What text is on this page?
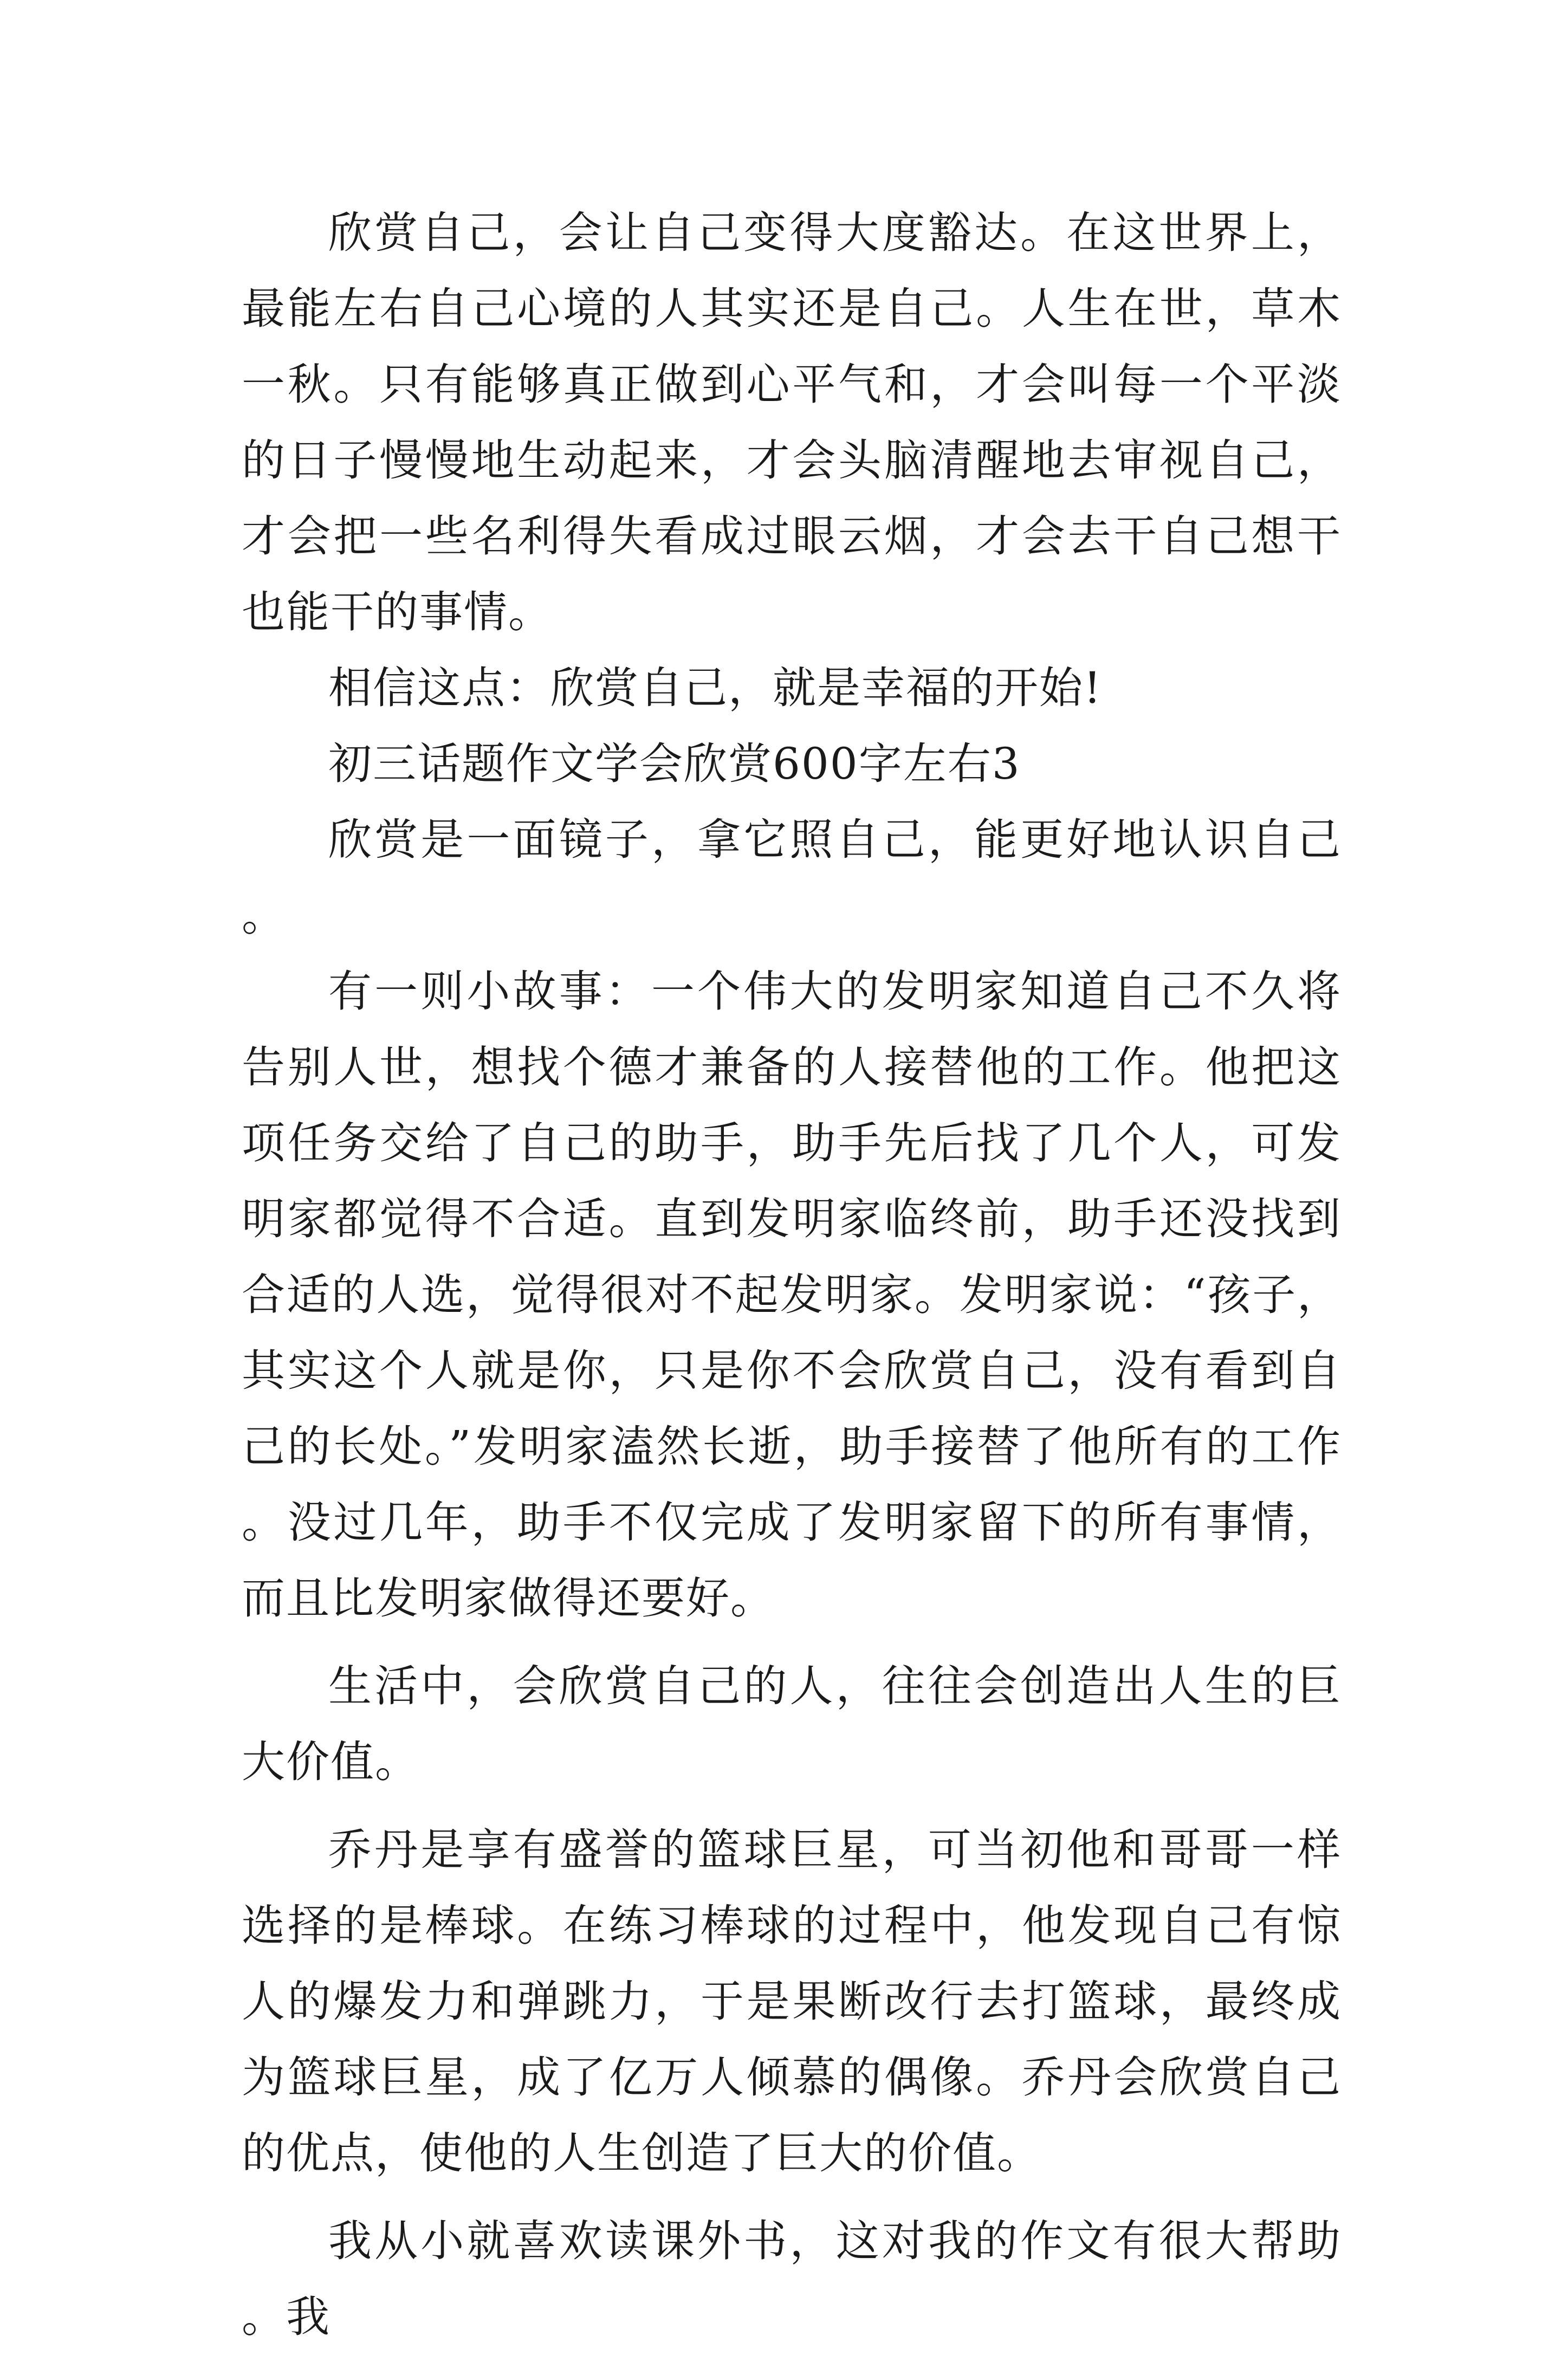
欣赏自己，会让自己变得大度豁达。在这世界上，最能左右自己心境的人其实还是自己。人生在世，草木一秋。只有能够真正做到心平气和，才会叫每一个平淡的日子慢慢地生动起来，才会头脑清醒地去审视自己，才会把一些名利得失看成过眼云烟，才会去干自己想干也能干的事情。

相信这点：欣赏自己，就是幸福的开始!

初三话题作文学会欣赏600字左右3

欣赏是一面镜子，拿它照自己，能更好地认识自己。

有一则小故事：一个伟大的发明家知道自己不久将告别人世，想找个德才兼备的人接替他的工作。他把这项任务交给了自己的助手，助手先后找了几个人，可发明家都觉得不合适。直到发明家临终前，助手还没找到合适的人选，觉得很对不起发明家。发明家说：“孩子，其实这个人就是你，只是你不会欣赏自己，没有看到自己的长处。”发明家溘然长逝，助手接替了他所有的工作。没过几年，助手不仅完成了发明家留下的所有事情，而且比发明家做得还要好。

生活中，会欣赏自己的人，往往会创造出人生的巨大价值。

乔丹是享有盛誉的篮球巨星，可当初他和哥哥一样选择的是棒球。在练习棒球的过程中，他发现自己有惊人的爆发力和弹跳力，于是果断改行去打篮球，最终成为篮球巨星，成了亿万人倾慕的偶像。乔丹会欣赏自己的优点，使他的人生创造了巨大的价值。

我从小就喜欢读课外书，这对我的作文有很大帮助。我
